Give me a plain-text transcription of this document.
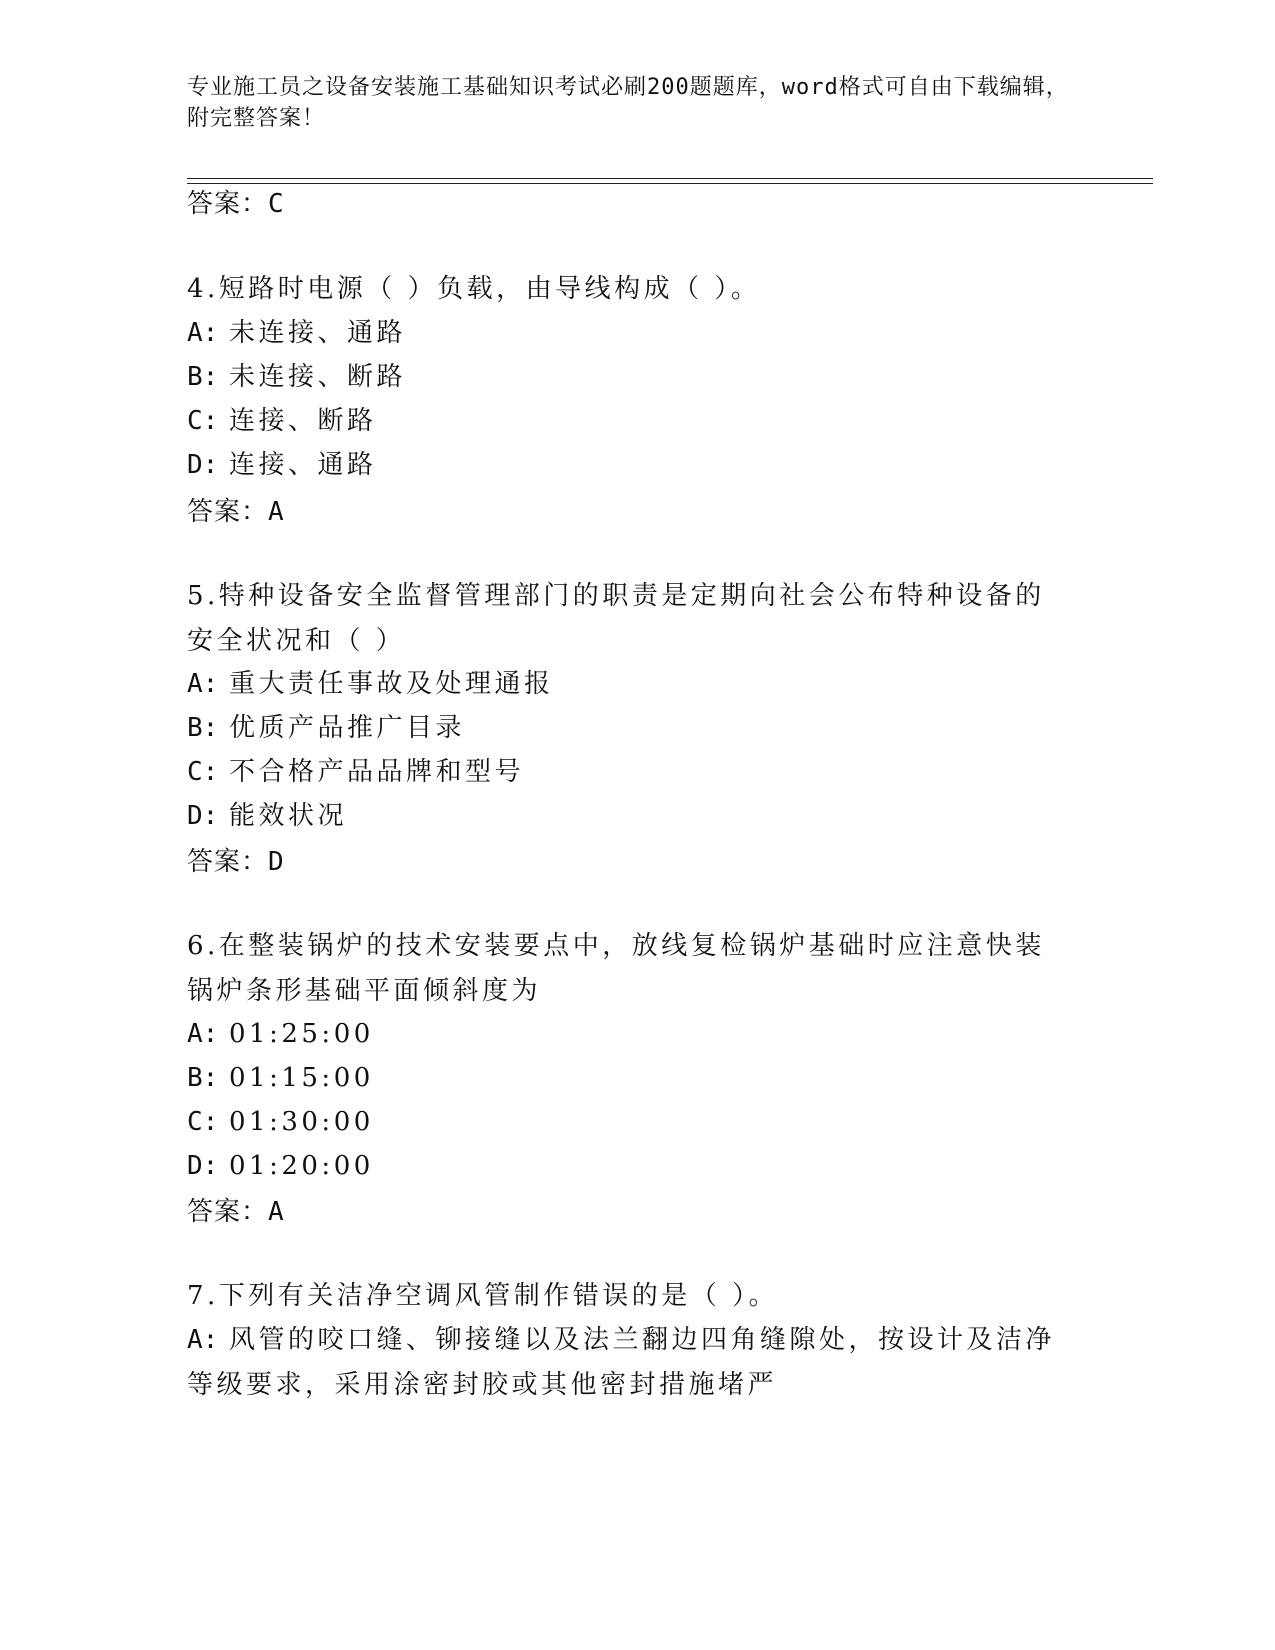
专业施工员之设备安装施工基础知识考试必刷200题题库，word格式可自由下载编辑，附完整答案！
答案：C
4.短路时电源（ ）负载，由导线构成（ ）。
A: 未连接、通路
B: 未连接、断路
C: 连接、断路
D: 连接、通路
答案：A
5.特种设备安全监督管理部门的职责是定期向社会公布特种设备的安全状况和（ ）
A: 重大责任事故及处理通报
B: 优质产品推广目录
C: 不合格产品品牌和型号
D: 能效状况
答案：D
6.在整装锅炉的技术安装要点中，放线复检锅炉基础时应注意快装锅炉条形基础平面倾斜度为
A: 01:25:00
B: 01:15:00
C: 01:30:00
D: 01:20:00
答案：A
7.下列有关洁净空调风管制作错误的是（ ）。
A: 风管的咬口缝、铆接缝以及法兰翻边四角缝隙处，按设计及洁净等级要求，采用涂密封胶或其他密封措施堵严
